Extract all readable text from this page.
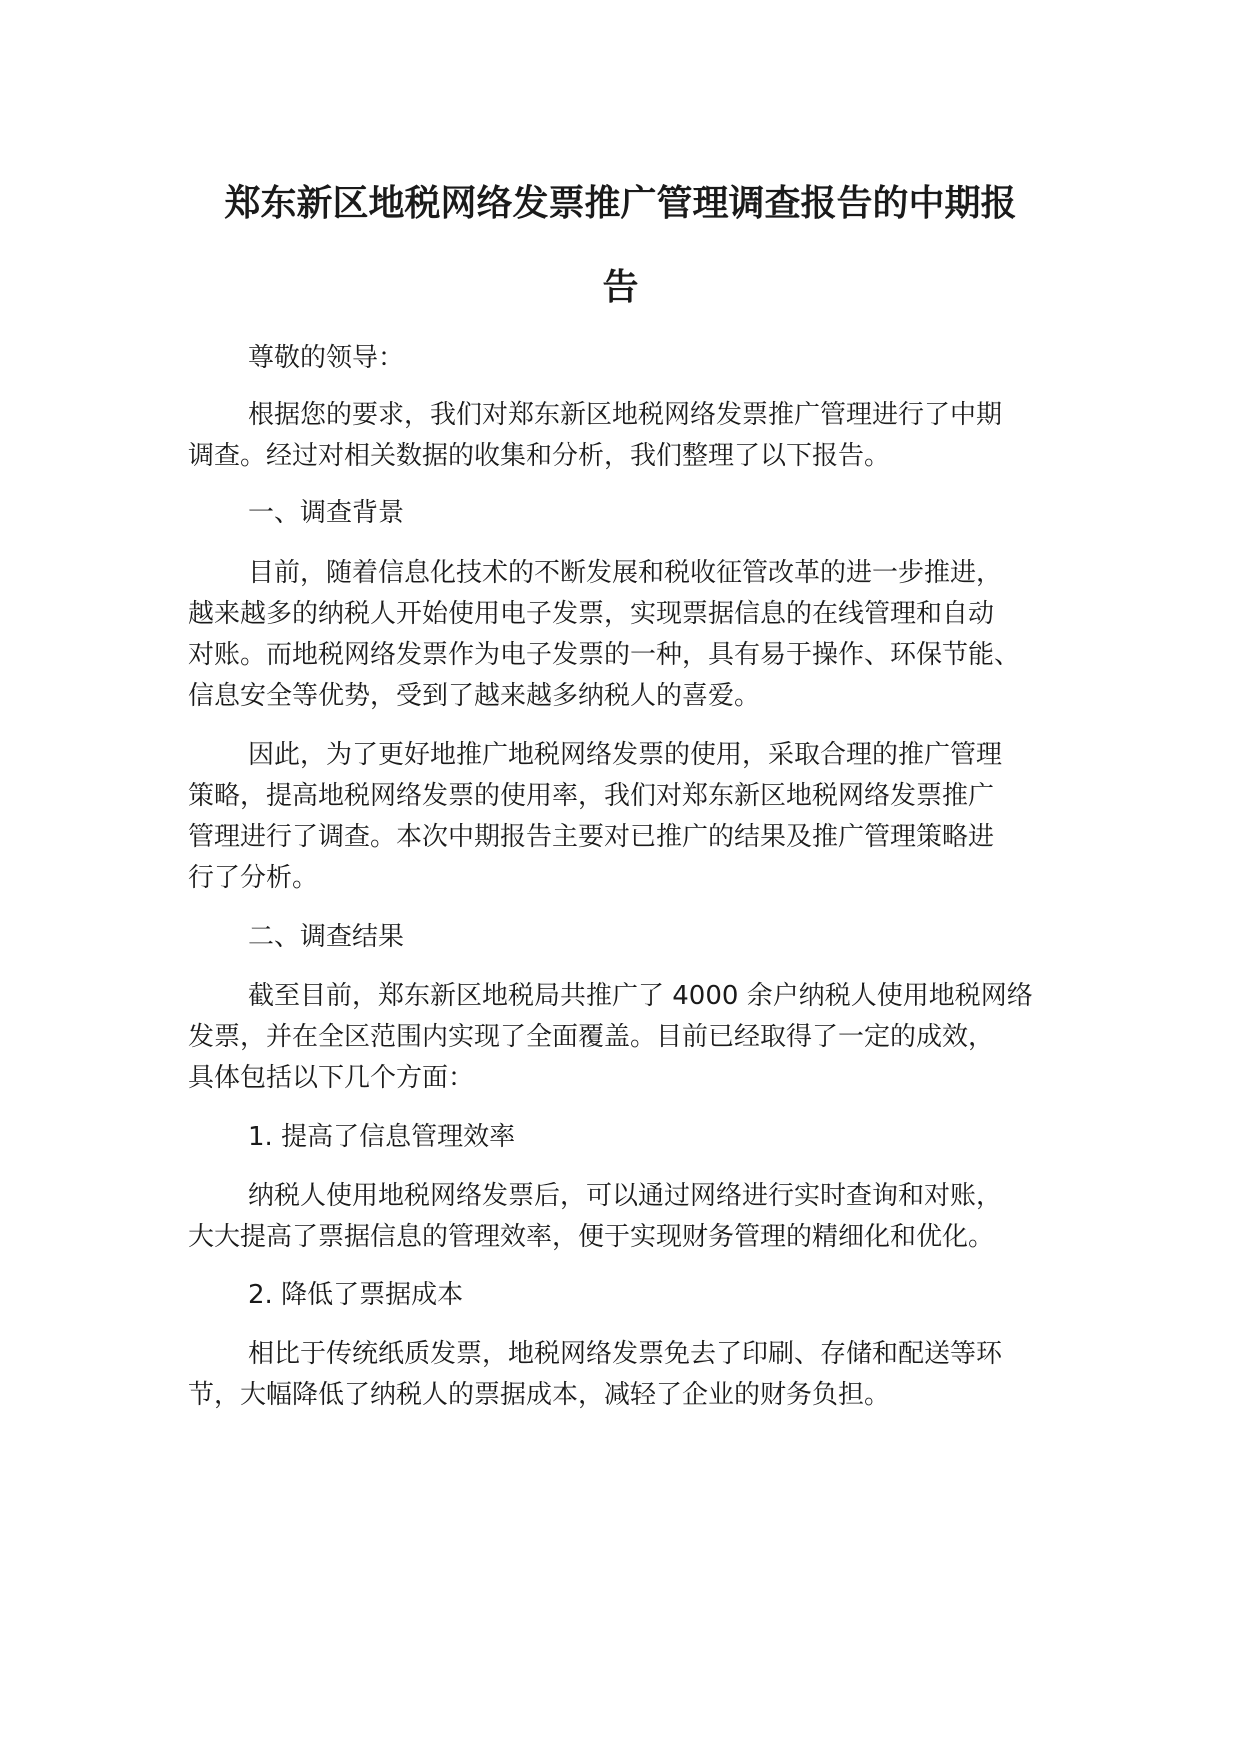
郑东新区地税网络发票推广管理调查报告的中期报
告
尊敬的领导：
根据您的要求，我们对郑东新区地税网络发票推广管理进行了中期
调查。经过对相关数据的收集和分析，我们整理了以下报告。
一、调查背景
目前，随着信息化技术的不断发展和税收征管改革的进一步推进，
越来越多的纳税人开始使用电子发票，实现票据信息的在线管理和自动
对账。而地税网络发票作为电子发票的一种，具有易于操作、环保节能、
信息安全等优势，受到了越来越多纳税人的喜爱。
因此，为了更好地推广地税网络发票的使用，采取合理的推广管理
策略，提高地税网络发票的使用率，我们对郑东新区地税网络发票推广
管理进行了调查。本次中期报告主要对已推广的结果及推广管理策略进
行了分析。
二、调查结果
截至目前，郑东新区地税局共推广了 4000 余户纳税人使用地税网络
发票，并在全区范围内实现了全面覆盖。目前已经取得了一定的成效，
具体包括以下几个方面：
1. 提高了信息管理效率
纳税人使用地税网络发票后，可以通过网络进行实时查询和对账，
大大提高了票据信息的管理效率，便于实现财务管理的精细化和优化。
2. 降低了票据成本
相比于传统纸质发票，地税网络发票免去了印刷、存储和配送等环
节，大幅降低了纳税人的票据成本，减轻了企业的财务负担。
